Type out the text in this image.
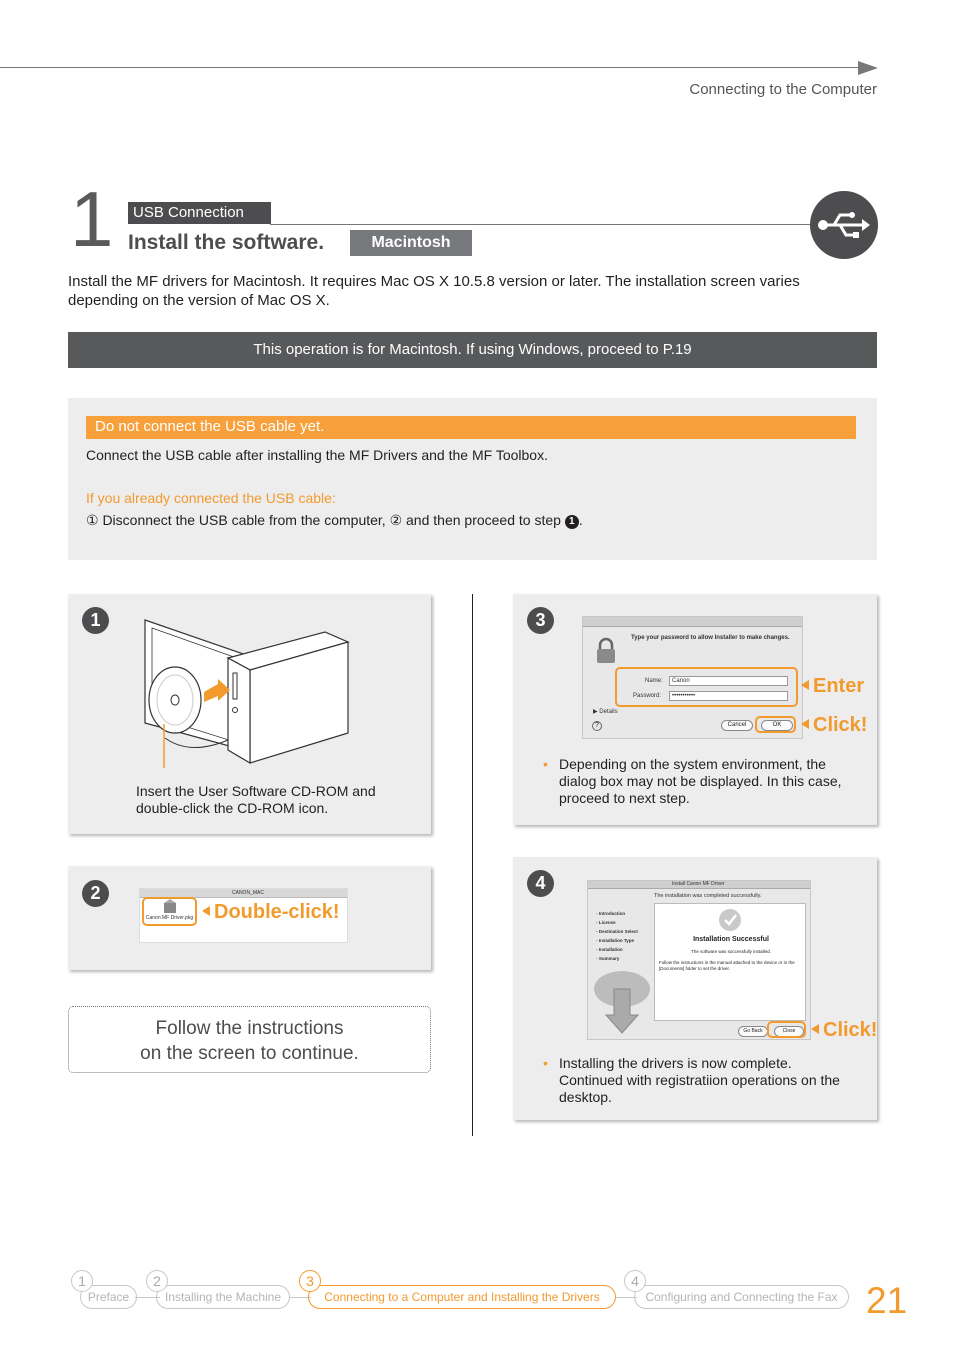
Connecting to the Computer
1	USB Connection
Install the software.	Macintosh
Install the MF drivers for Macintosh. It requires Mac OS X 10.5.8 version or later. The installation screen varies depending on the version of Mac OS X.
This operation is for Macintosh. If using Windows, proceed to P.19
Do not connect the USB cable yet.
Connect the USB cable after installing the MF Drivers and the MF Toolbox.
If you already connected the USB cable:
① Disconnect the USB cable from the computer, ② and then proceed to step 1 .
1
Insert the User Software CD-ROM and double-click the CD-ROM icon.
2	CANON_MAC
Canon MF Driver.pkg	Double-click!
Follow the instructions
on the screen to continue.
3
Type your password to allow Installer to make changes.
Name:	Canon
Password:	•••••••••••
▶ Details
?	Cancel	OK
Enter
Click!
• Depending on the system environment, the dialog box may not be displayed. In this case, proceed to next step.
4	Install Canon MF Driver
The installation was completed successfully.
◦ Introduction
◦ License
◦ Destination Select
◦ Installation Type
◦ Installation
◦ Summary
Installation Successful
The software was successfully installed.
Follow the instructions in the manual attached to the device or in the [Documents] folder to set the driver.
Go Back	Close	Click!
• Installing the drivers is now complete. Continued with registratiion operations on the desktop.
Preface
1
Installing the Machine
2
Connecting to a Computer and Installing the Drivers
3
Configuring and Connecting the Fax
4	21
